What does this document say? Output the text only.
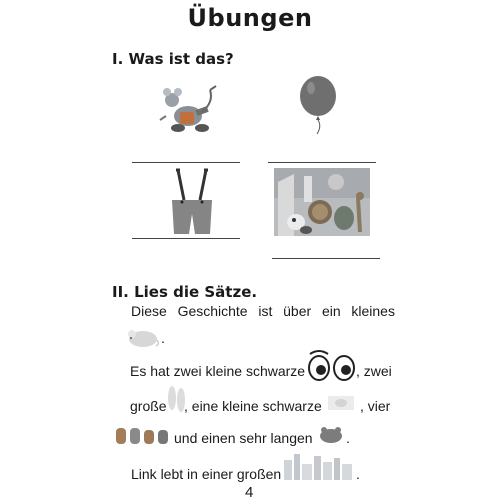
Übungen
I. Was ist das?
II. Lies die Sätze.
Diese Geschichte ist über ein kleines
.
Es hat zwei kleine schwarze	, zwei
große , eine kleine schwarze	, vier
und einen sehr langen .
Link lebt in einer großen	.
4
